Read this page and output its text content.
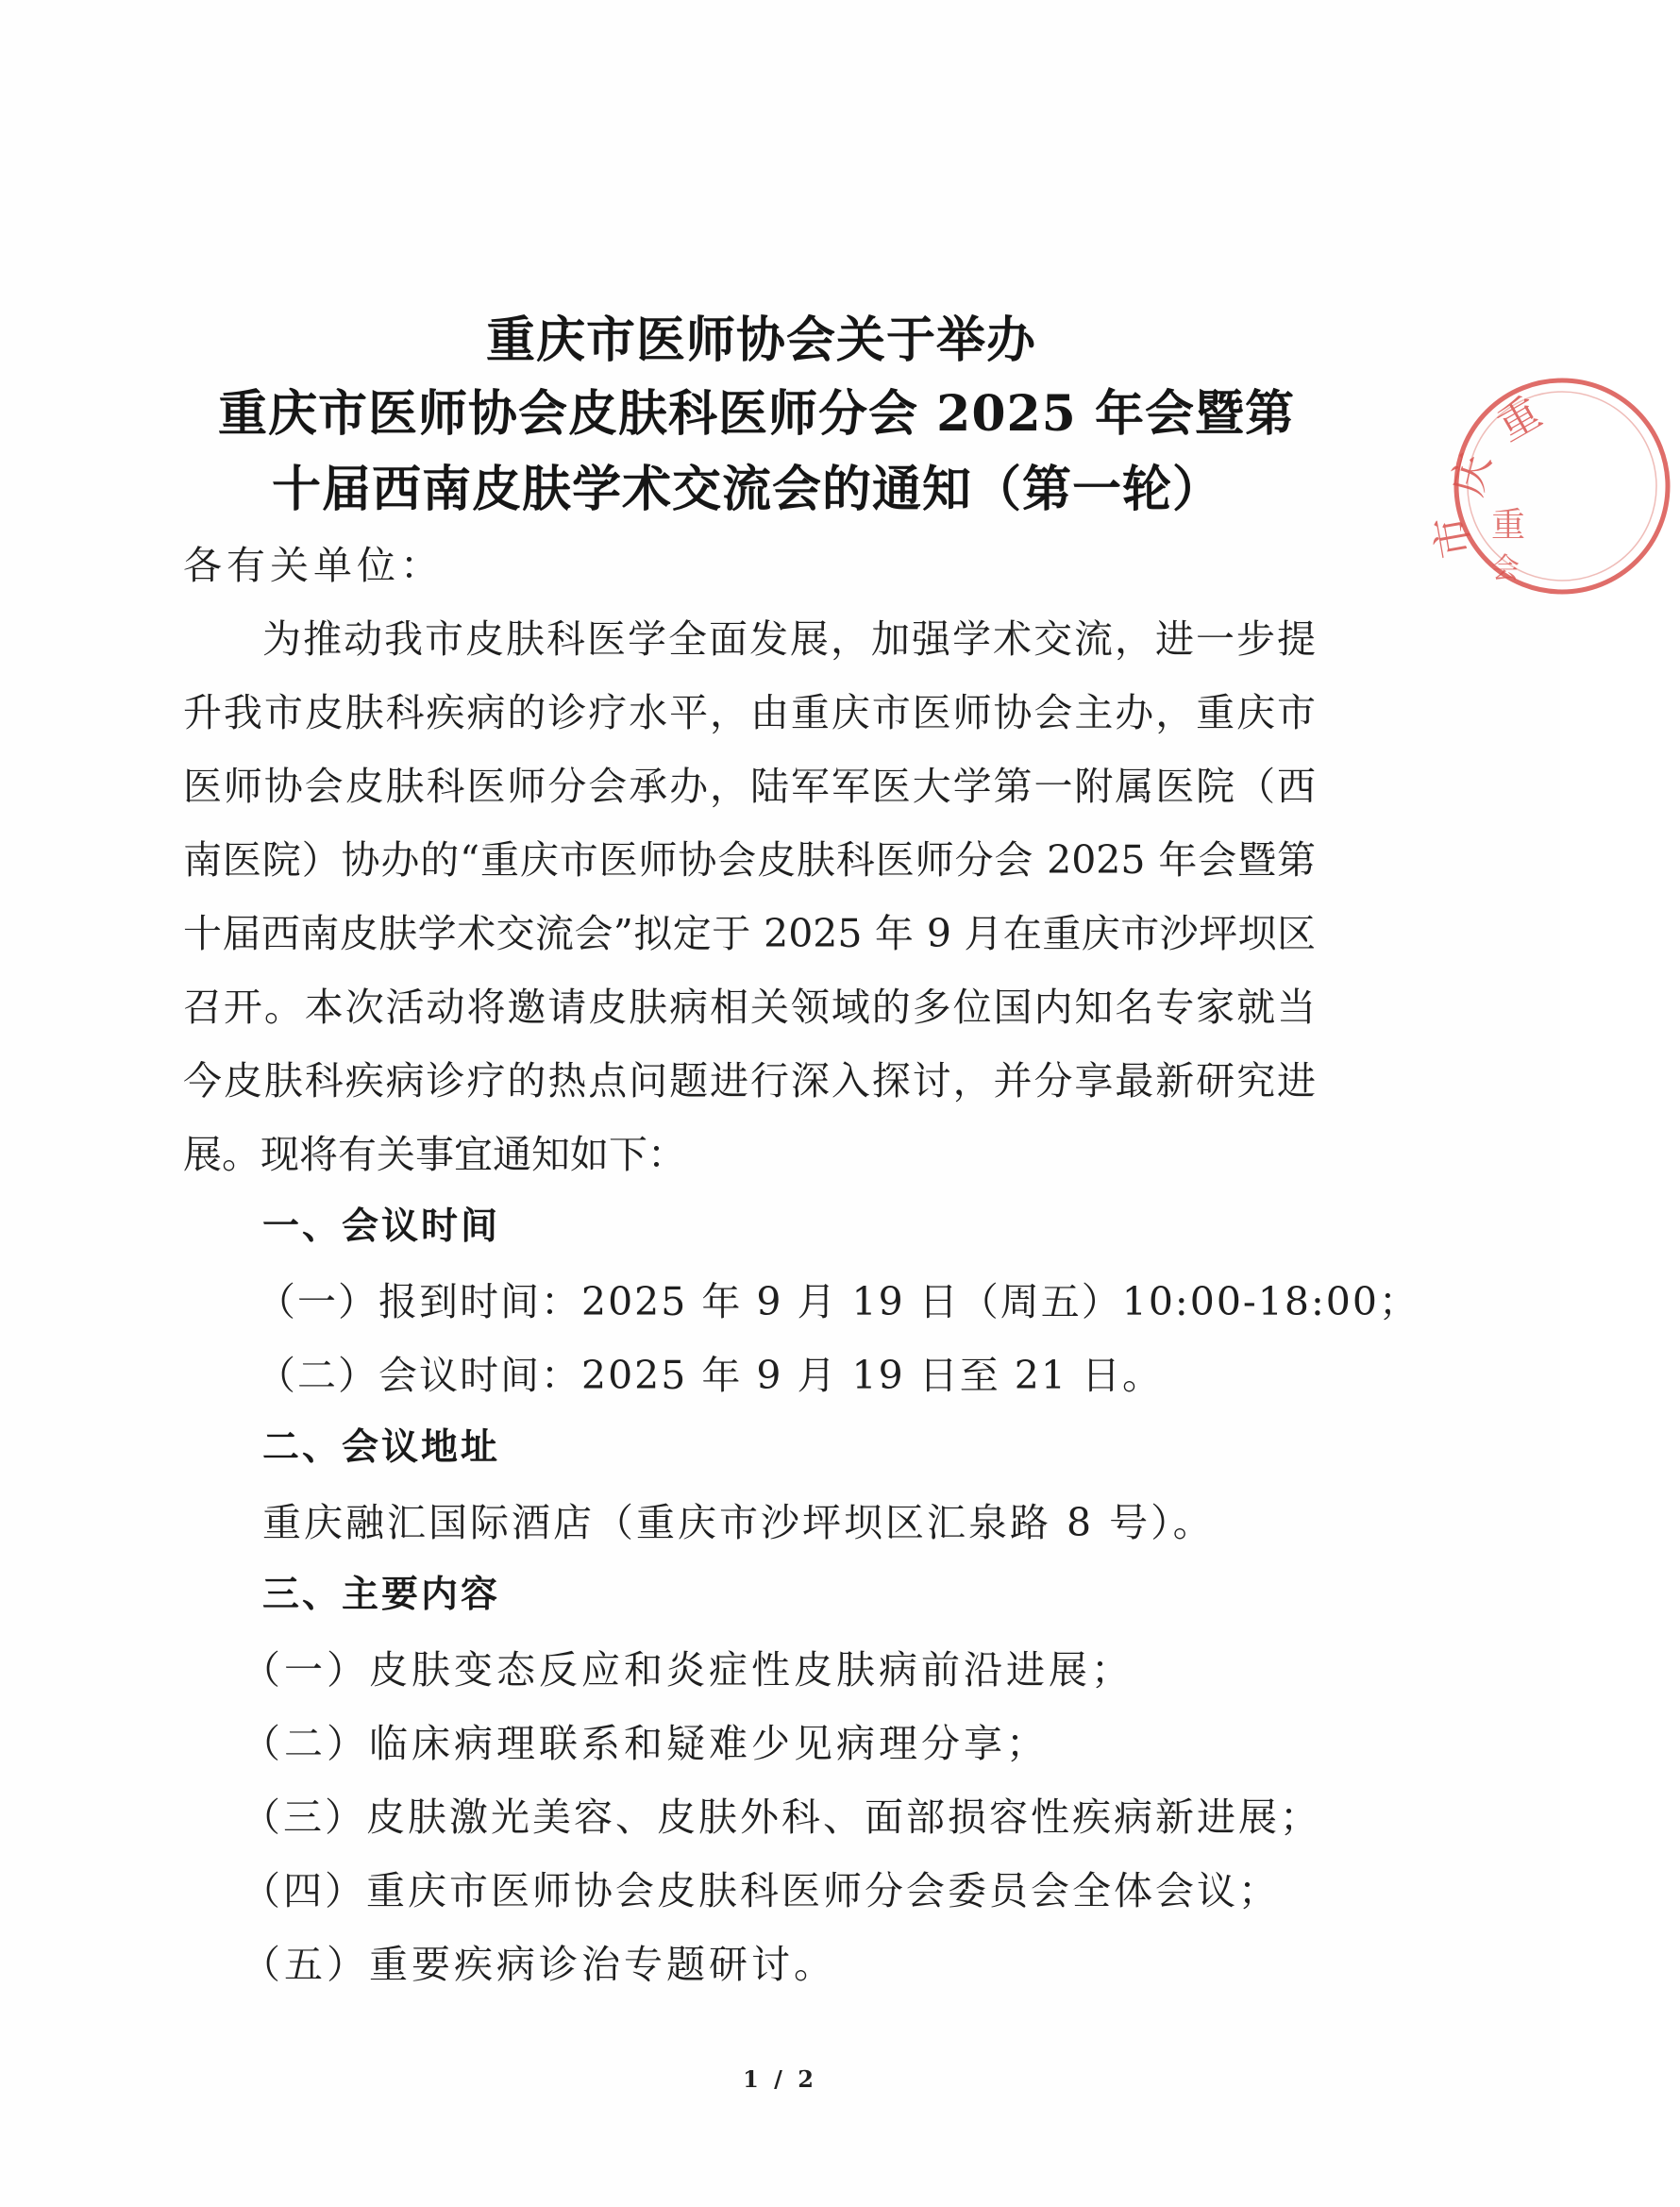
重庆市医师协会关于举办
重庆市医师协会皮肤科医师分会 2025 年会暨第
十届西南皮肤学术交流会的通知（第一轮）
各有关单位：
为推动我市皮肤科医学全面发展，加强学术交流，进一步提
升我市皮肤科疾病的诊疗水平，由重庆市医师协会主办，重庆市
医师协会皮肤科医师分会承办，陆军军医大学第一附属医院（西
南医院）协办的“重庆市医师协会皮肤科医师分会 2025 年会暨第
十届西南皮肤学术交流会”拟定于 2025 年 9 月在重庆市沙坪坝区
召开。本次活动将邀请皮肤病相关领域的多位国内知名专家就当
今皮肤科疾病诊疗的热点问题进行深入探讨，并分享最新研究进
展。现将有关事宜通知如下：
一、会议时间
（一）报到时间：2025 年 9 月 19 日（周五）10:00-18:00；
（二）会议时间：2025 年 9 月 19 日至 21 日。
二、会议地址
重庆融汇国际酒店（重庆市沙坪坝区汇泉路 8 号）。
三、主要内容
（一）皮肤变态反应和炎症性皮肤病前沿进展；
（二）临床病理联系和疑难少见病理分享；
（三）皮肤激光美容、皮肤外科、面部损容性疾病新进展；
（四）重庆市医师协会皮肤科医师分会委员会全体会议；
（五）重要疾病诊治专题研讨。
1 / 2
重
庆
市 重
会
